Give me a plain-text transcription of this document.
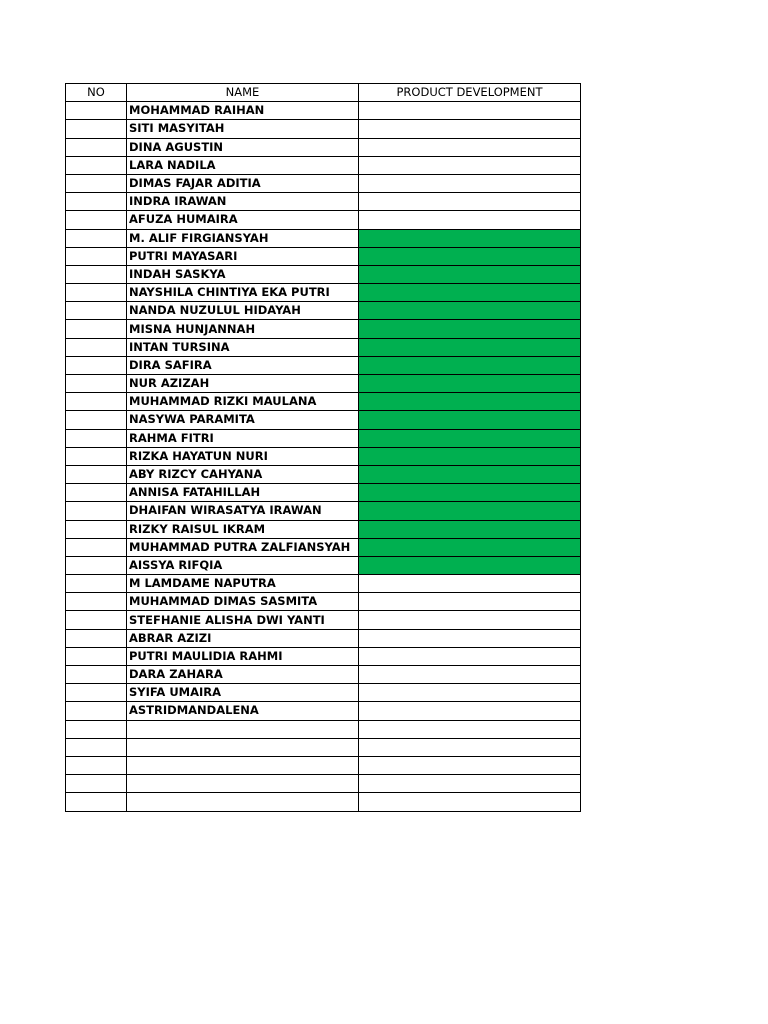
NO	NAME	PRODUCT DEVELOPMENT
	MOHAMMAD RAIHAN	
	SITI MASYITAH	
	DINA AGUSTIN	
	LARA NADILA	
	DIMAS FAJAR ADITIA	
	INDRA IRAWAN	
	AFUZA HUMAIRA	
	M. ALIF FIRGIANSYAH	
	PUTRI MAYASARI	
	INDAH SASKYA	
	NAYSHILA CHINTIYA EKA PUTRI	
	NANDA NUZULUL HIDAYAH	
	MISNA HUNJANNAH	
	INTAN TURSINA	
	DIRA SAFIRA	
	NUR AZIZAH	
	MUHAMMAD RIZKI MAULANA	
	NASYWA PARAMITA	
	RAHMA FITRI	
	RIZKA HAYATUN NURI	
	ABY RIZCY CAHYANA	
	ANNISA FATAHILLAH	
	DHAIFAN WIRASATYA IRAWAN	
	RIZKY RAISUL IKRAM	
	MUHAMMAD PUTRA ZALFIANSYAH	
	AISSYA RIFQIA	
	M LAMDAME NAPUTRA	
	MUHAMMAD DIMAS SASMITA	
	STEFHANIE ALISHA DWI YANTI	
	ABRAR AZIZI	
	PUTRI MAULIDIA RAHMI	
	DARA ZAHARA	
	SYIFA UMAIRA	
	ASTRIDMANDALENA	
